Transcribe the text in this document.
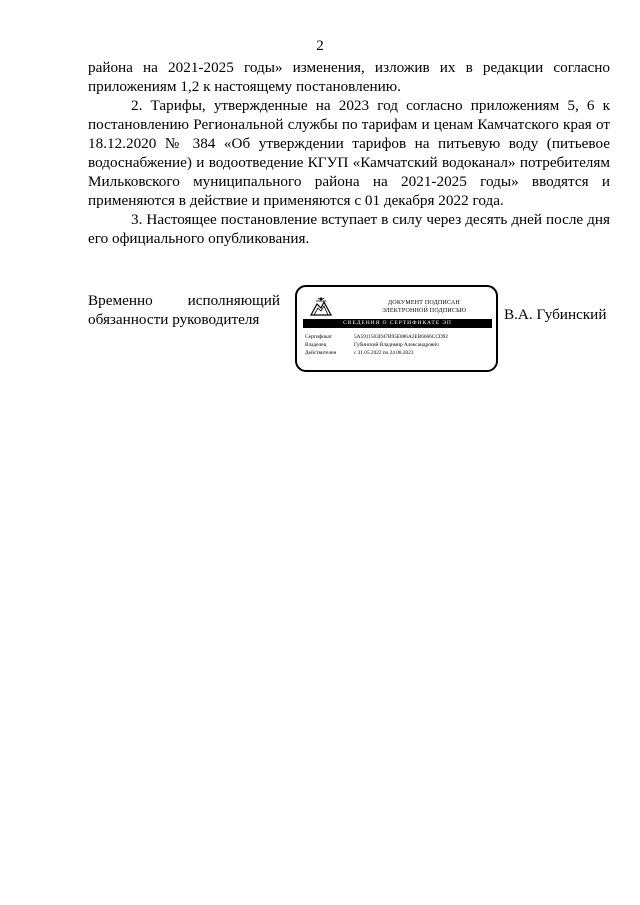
2

района на 2021-2025 годы» изменения, изложив их в редакции согласно приложениям 1,2 к настоящему постановлению.

2. Тарифы, утвержденные на 2023 год согласно приложениям 5, 6 к постановлению Региональной службы по тарифам и ценам Камчатского края от 18.12.2020 № 384 «Об утверждении тарифов на питьевую воду (питьевое водоснабжение) и водоотведение КГУП «Камчатский водоканал» потребителям Мильковского муниципального района на 2021-2025 годы» вводятся и применяются в действие и применяются с 01 декабря 2022 года.

3. Настоящее постановление вступает в силу через десять дней после дня его официального опубликования.

Временно исполняющий
обязанности руководителя
ДОКУМЕНТ ПОДПИСАН
ЭЛЕКТРОННОЙ ПОДПИСЬЮ
СВЕДЕНИЯ О СЕРТИФИКАТЕ ЭП
Сертификат	5A5911503D47B95E886A2EB6666CCD92
Владелец	Губинский Владимир Александрович
Действителен	с 31.05.2022 по 24.08.2023
В.А. Губинский
